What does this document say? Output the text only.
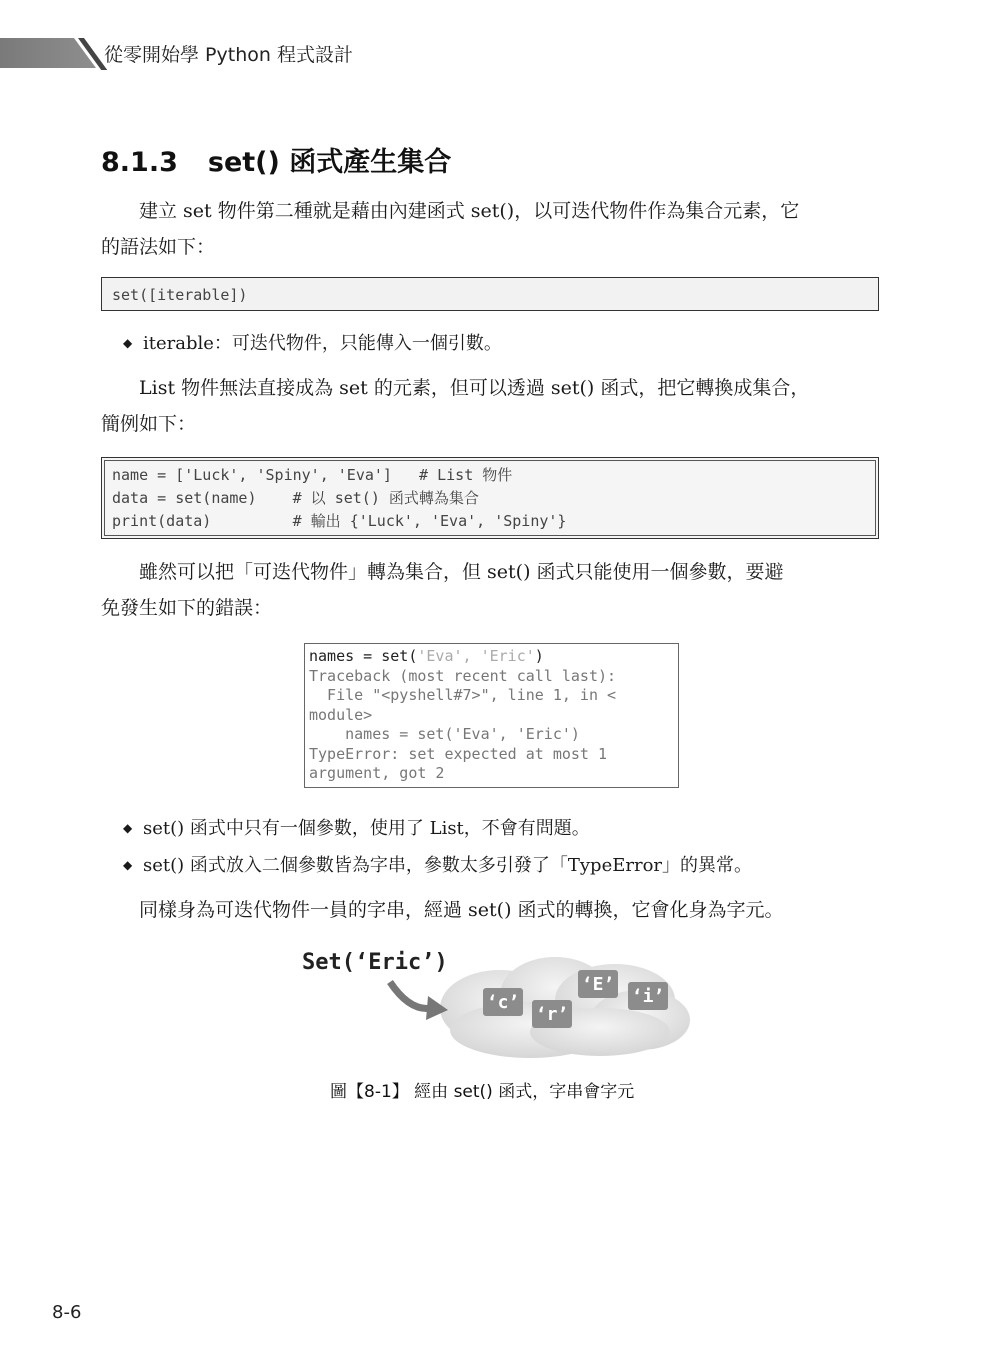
從零開始學 Python 程式設計
8.1.3 set() 函式產生集合
建立 set 物件第二種就是藉由內建函式 set()，以可迭代物件作為集合元素，它
的語法如下：
set([iterable])
◆ iterable：可迭代物件，只能傳入一個引數。
List 物件無法直接成為 set 的元素，但可以透過 set() 函式，把它轉換成集合，
簡例如下：
name = ['Luck', 'Spiny', 'Eva']   # List 物件
data = set(name)    # 以 set() 函式轉為集合
print(data)         # 輸出 {'Luck', 'Eva', 'Spiny'}
雖然可以把「可迭代物件」轉為集合，但 set() 函式只能使用一個參數，要避
免發生如下的錯誤：
names = set('Eva', 'Eric')
Traceback (most recent call last):
File "<pyshell#7>", line 1, in <
module>
names = set('Eva', 'Eric')
TypeError: set expected at most 1
argument, got 2
◆ set() 函式中只有一個參數，使用了 List，不會有問題。
◆ set() 函式放入二個參數皆為字串，參數太多引發了「TypeError」的異常。
同樣身為可迭代物件一員的字串，經過 set() 函式的轉換，它會化身為字元。
Set(‘Eric’)
‘c’
‘r’
‘E’
‘i’
圖【8-1】 經由 set() 函式，字串會字元
8-6
